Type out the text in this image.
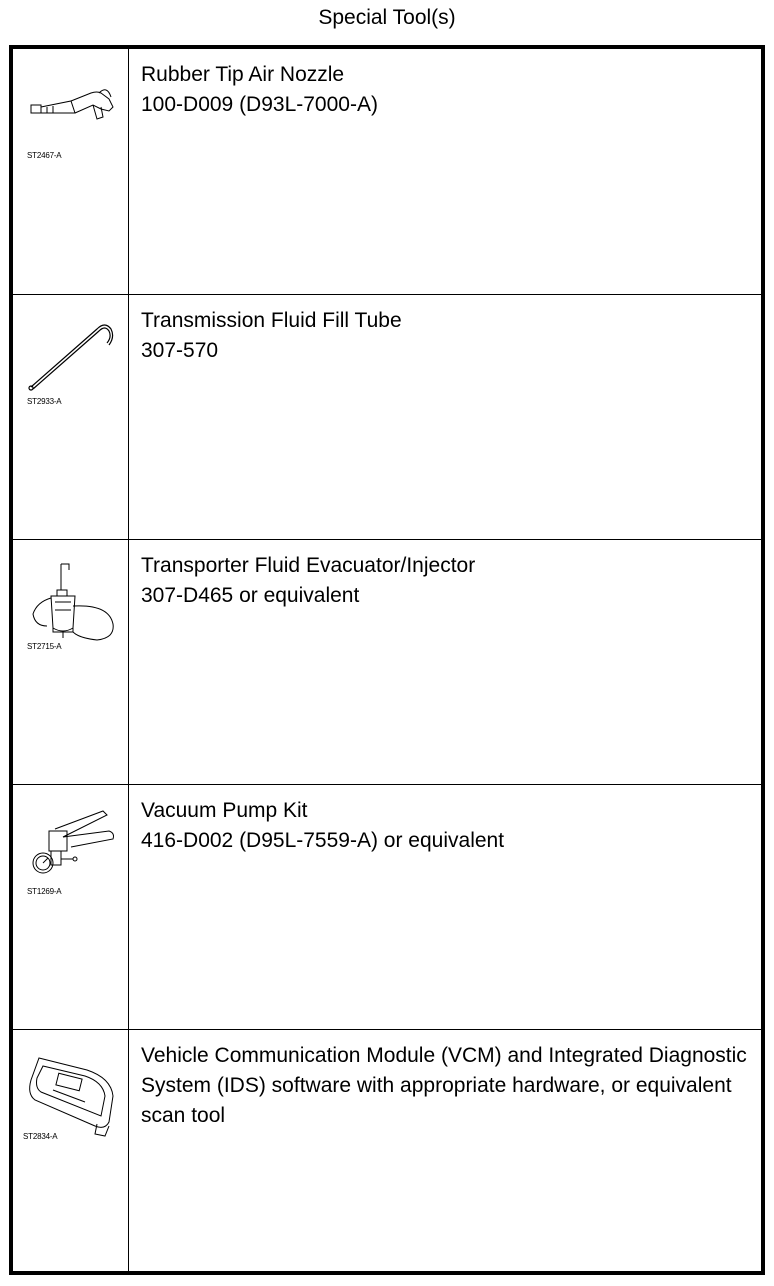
Special Tool(s)
ST2467-A
Rubber Tip Air Nozzle
100-D009 (D93L-7000-A)
ST2933-A
Transmission Fluid Fill Tube
307-570
ST2715-A
Transporter Fluid Evacuator/Injector
307-D465 or equivalent
ST1269-A
Vacuum Pump Kit
416-D002 (D95L-7559-A) or equivalent
ST2834-A
Vehicle Communication Module (VCM) and Integrated Diagnostic System (IDS) software with appropriate hardware, or equivalent scan tool
